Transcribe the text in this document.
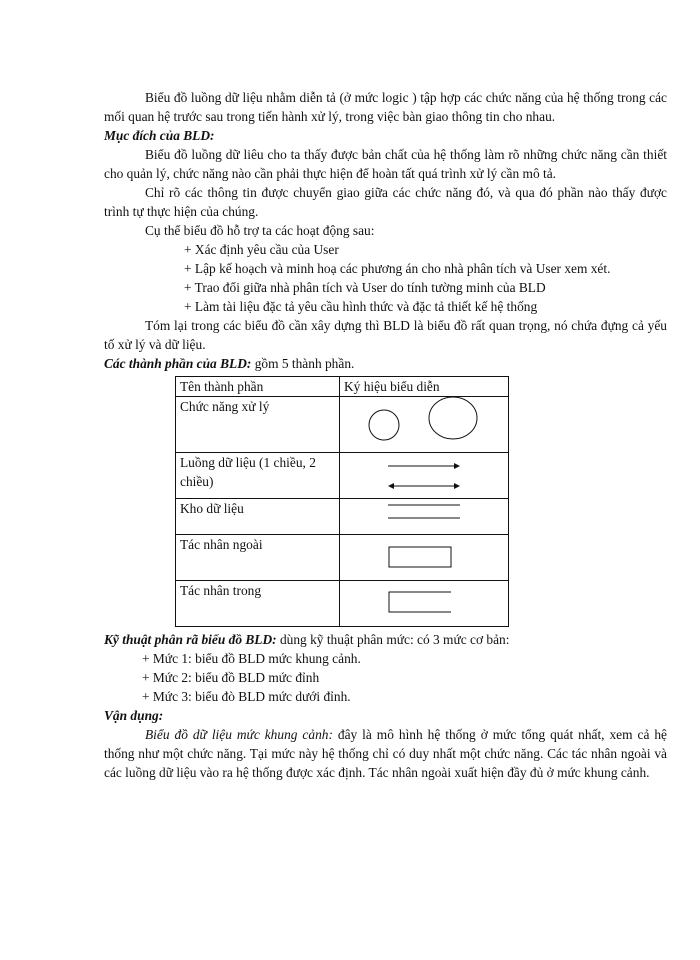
Biểu đồ luồng dữ liệu nhằm diễn tả (ở mức logic ) tập hợp các chức năng của hệ thống trong các mối quan hệ trước sau trong tiến hành xử lý, trong việc bàn giao thông tin cho nhau.

Mục đích của BLD:

Biểu đồ luồng dữ liêu cho ta thấy được bản chất của hệ thống làm rõ những chức năng cần thiết cho quản lý, chức năng nào cần phải thực hiện để hoàn tất quá trình xử lý cần mô tả.

Chỉ rõ các thông tin được chuyển giao giữa các chức năng đó, và qua đó phần nào thấy được trình tự thực hiện của chúng.

Cụ thể biểu đồ hỗ trợ ta các hoạt động sau:

+ Xác định yêu cầu của User

+ Lập kế hoạch và minh hoạ các phương án cho nhà phân tích và User xem xét.

+ Trao đổi giữa nhà phân tích và User do tính tường minh của BLD

+ Làm tài liệu đặc tả yêu cầu hình thức và đặc tả thiết kế hệ thống

Tóm lại trong các biểu đồ cần xây dựng thì BLD là biểu đồ rất quan trọng, nó chứa đựng cả yếu tố xử lý và dữ liệu.

Các thành phần của BLD: gồm 5 thành phần.

Tên thành phần	Ký hiệu biểu diễn
Chức năng xử lý	
Luồng dữ liệu (1 chiều, 2 chiều)	
Kho dữ liệu	
Tác nhân ngoài	
Tác nhân trong	

Kỹ thuật phân rã biểu đồ BLD: dùng kỹ thuật phân mức: có 3 mức cơ bản:

+ Mức 1: biểu đồ BLD mức khung cảnh.

+ Mức 2: biểu đồ BLD mức đỉnh

+ Mức 3: biểu đò BLD mức dưới đỉnh.

Vận dụng:

Biểu đồ dữ liệu mức khung cảnh: đây là mô hình hệ thống ở mức tổng quát nhất, xem cả hệ thống như một chức năng. Tại mức này hệ thống chỉ có duy nhất một chức năng. Các tác nhân ngoài và các luồng dữ liệu vào ra hệ thống được xác định. Tác nhân ngoài xuất hiện đầy đủ ở mức khung cảnh.
